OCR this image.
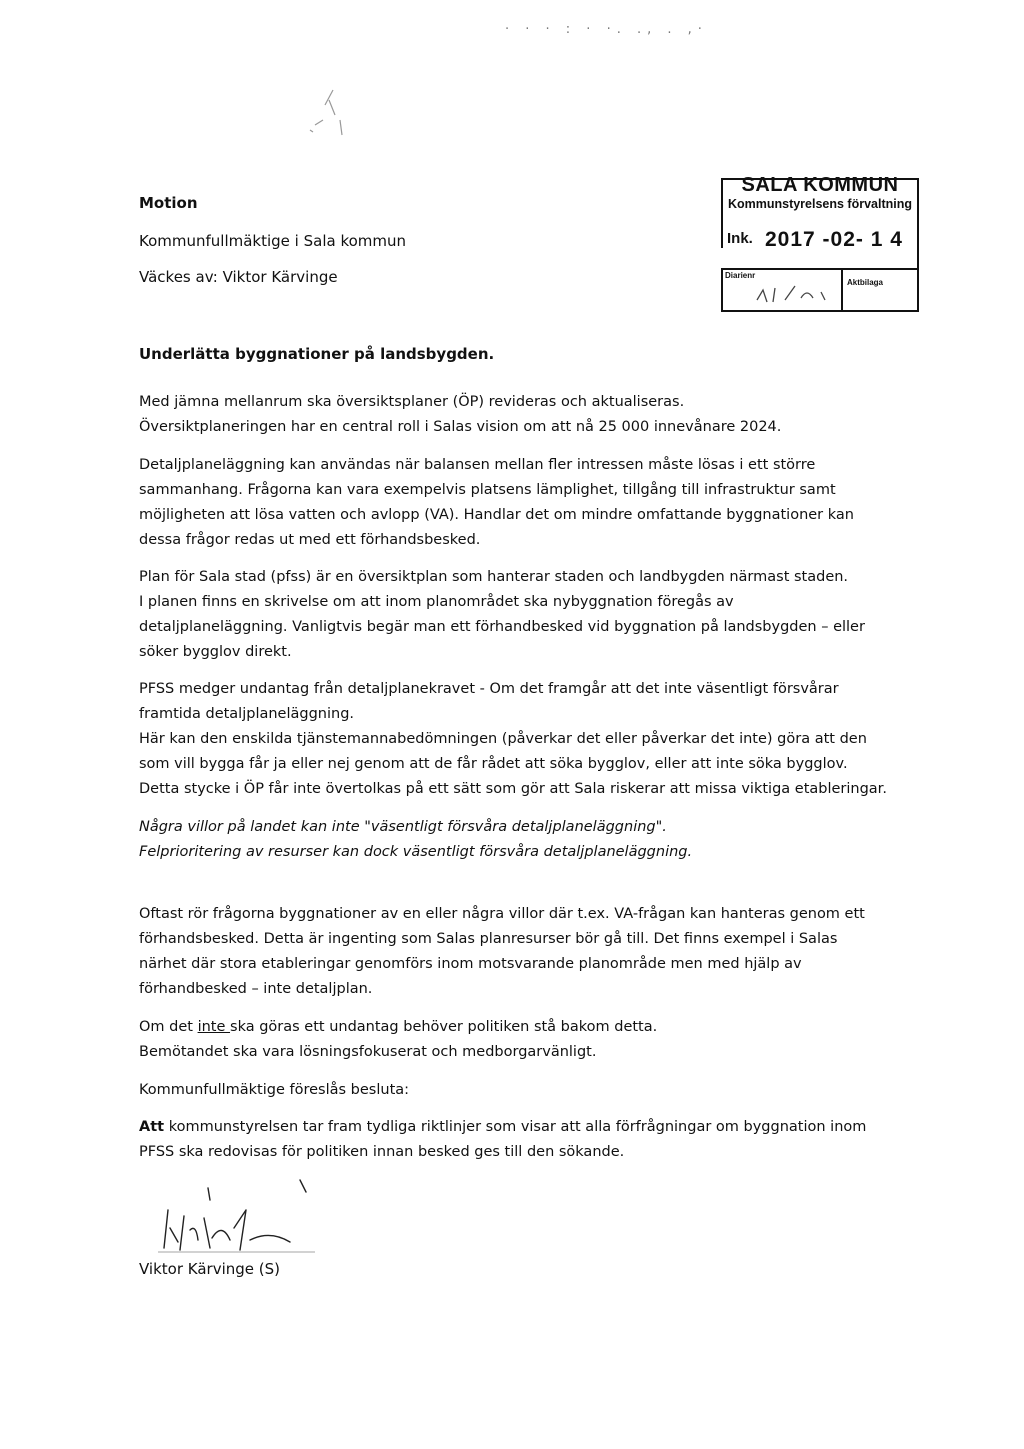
· · · : · ·. ., . ,·
Motion
Kommunfullmäktige i Sala kommun
Väckes av: Viktor Kärvinge
SALA KOMMUN
Kommunstyrelsens förvaltning
Ink. 2017 -02- 1 4
Diarienr
Aktbilaga
Underlätta byggnationer på landsbygden.
Med jämna mellanrum ska översiktsplaner (ÖP) revideras och aktualiseras.
Översiktplaneringen har en central roll i Salas vision om att nå 25 000 innevånare 2024.
Detaljplaneläggning kan användas när balansen mellan fler intressen måste lösas i ett större
sammanhang. Frågorna kan vara exempelvis platsens lämplighet, tillgång till infrastruktur samt
möjligheten att lösa vatten och avlopp (VA). Handlar det om mindre omfattande byggnationer kan
dessa frågor redas ut med ett förhandsbesked.
Plan för Sala stad (pfss) är en översiktplan som hanterar staden och landbygden närmast staden.
I planen finns en skrivelse om att inom planområdet ska nybyggnation föregås av
detaljplaneläggning. Vanligtvis begär man ett förhandbesked vid byggnation på landsbygden – eller
söker bygglov direkt.
PFSS medger undantag från detaljplanekravet - Om det framgår att det inte väsentligt försvårar
framtida detaljplaneläggning.
Här kan den enskilda tjänstemannabedömningen (påverkar det eller påverkar det inte) göra att den
som vill bygga får ja eller nej genom att de får rådet att söka bygglov, eller att inte söka bygglov.
Detta stycke i ÖP får inte övertolkas på ett sätt som gör att Sala riskerar att missa viktiga etableringar.
Några villor på landet kan inte "väsentligt försvåra detaljplaneläggning".
Felprioritering av resurser kan dock väsentligt försvåra detaljplaneläggning.
Oftast rör frågorna byggnationer av en eller några villor där t.ex. VA-frågan kan hanteras genom ett
förhandsbesked. Detta är ingenting som Salas planresurser bör gå till. Det finns exempel i Salas
närhet där stora etableringar genomförs inom motsvarande planområde men med hjälp av
förhandbesked – inte detaljplan.
Om det inte ska göras ett undantag behöver politiken stå bakom detta.
Bemötandet ska vara lösningsfokuserat och medborgarvänligt.
Kommunfullmäktige föreslås besluta:
Att kommunstyrelsen tar fram tydliga riktlinjer som visar att alla förfrågningar om byggnation inom
PFSS ska redovisas för politiken innan besked ges till den sökande.
Viktor Kärvinge (S)
